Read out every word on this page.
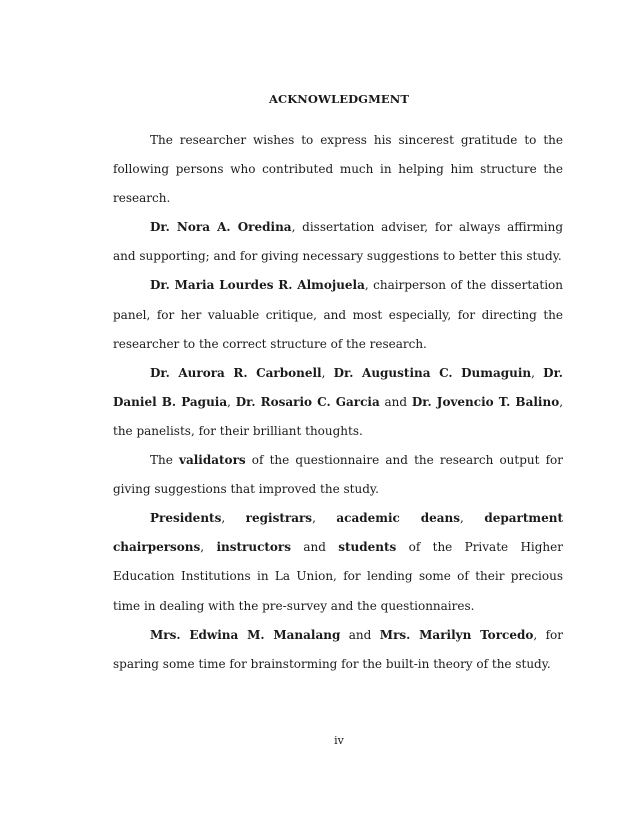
ACKNOWLEDGMENT

The researcher wishes to express his sincerest gratitude to the following persons who contributed much in helping him structure the research.

Dr. Nora A. Oredina, dissertation adviser, for always affirming and supporting; and for giving necessary suggestions to better this study.

Dr. Maria Lourdes R. Almojuela, chairperson of the dissertation panel, for her valuable critique, and most especially, for directing the researcher to the correct structure of the research.

Dr. Aurora R. Carbonell, Dr. Augustina C. Dumaguin, Dr. Daniel B. Paguia, Dr. Rosario C. Garcia and Dr. Jovencio T. Balino, the panelists, for their brilliant thoughts.

The validators of the questionnaire and the research output for giving suggestions that improved the study.

Presidents, registrars, academic deans, department chairpersons, instructors and students of the Private Higher Education Institutions in La Union, for lending some of their precious time in dealing with the pre-survey and the questionnaires.

Mrs. Edwina M. Manalang and Mrs. Marilyn Torcedo, for sparing some time for brainstorming for the built-in theory of the study.

iv
